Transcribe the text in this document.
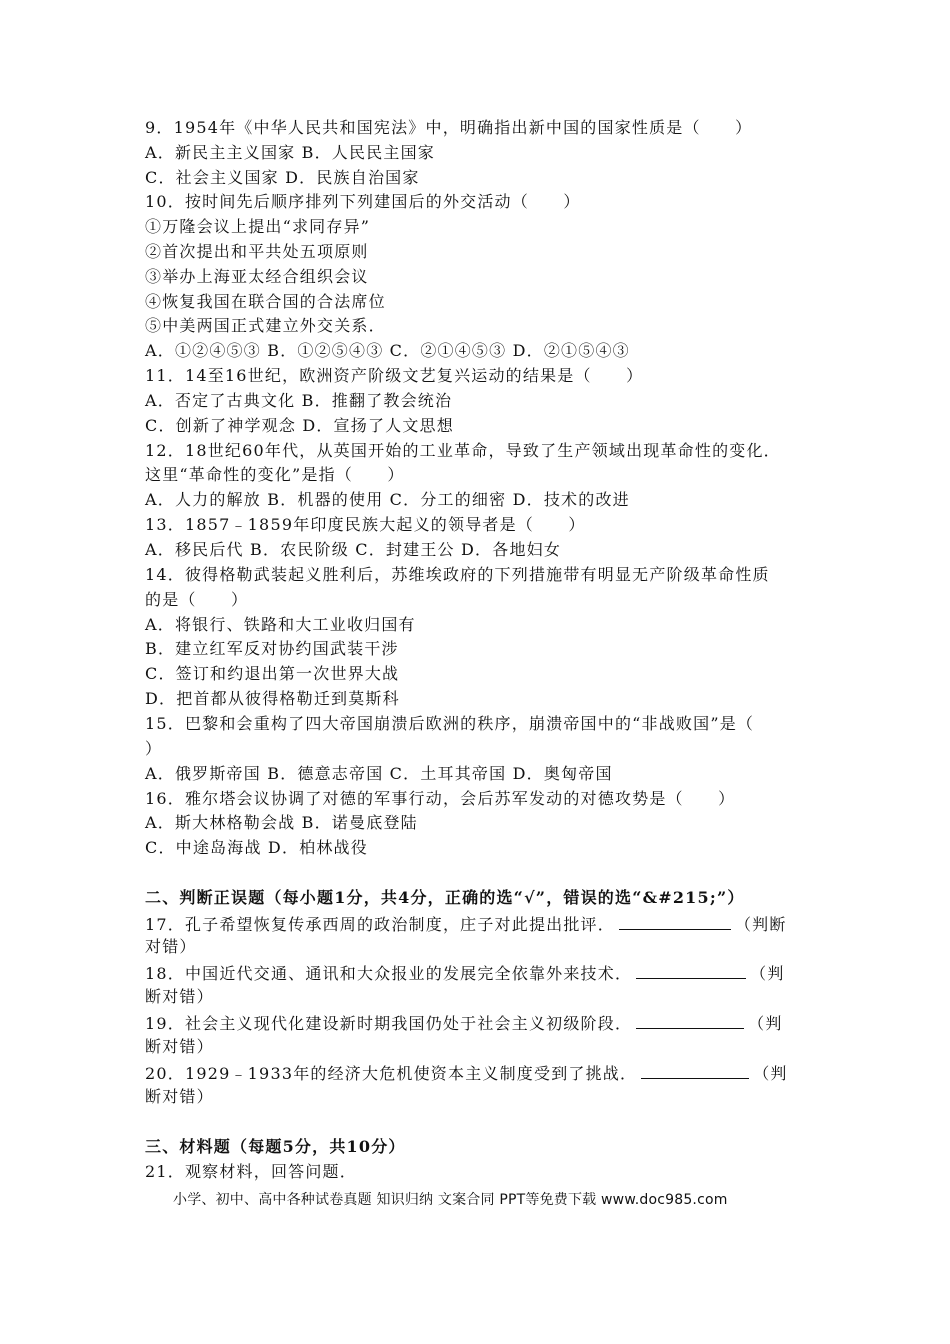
9．1954年《中华人民共和国宪法》中，明确指出新中国的国家性质是（　　）
A．新民主主义国家 B．人民民主国家
C．社会主义国家 D．民族自治国家
10．按时间先后顺序排列下列建国后的外交活动（　　）
①万隆会议上提出“求同存异”
②首次提出和平共处五项原则
③举办上海亚太经合组织会议
④恢复我国在联合国的合法席位
⑤中美两国正式建立外交关系．
A．①②④⑤③ B．①②⑤④③ C．②①④⑤③ D．②①⑤④③
11．14至16世纪，欧洲资产阶级文艺复兴运动的结果是（　　）
A．否定了古典文化 B．推翻了教会统治
C．创新了神学观念 D．宣扬了人文思想
12．18世纪60年代，从英国开始的工业革命，导致了生产领域出现革命性的变化．
这里“革命性的变化”是指（　　）
A．人力的解放 B．机器的使用 C．分工的细密 D．技术的改进
13．1857﹣1859年印度民族大起义的领导者是（　　）
A．移民后代 B．农民阶级 C．封建王公 D．各地妇女
14．彼得格勒武装起义胜利后，苏维埃政府的下列措施带有明显无产阶级革命性质
的是（　　）
A．将银行、铁路和大工业收归国有
B．建立红军反对协约国武装干涉
C．签订和约退出第一次世界大战
D．把首都从彼得格勒迁到莫斯科
15．巴黎和会重构了四大帝国崩溃后欧洲的秩序，崩溃帝国中的“非战败国”是（
）
A．俄罗斯帝国 B．德意志帝国 C．土耳其帝国 D．奥匈帝国
16．雅尔塔会议协调了对德的军事行动，会后苏军发动的对德攻势是（　　）
A．斯大林格勒会战 B．诺曼底登陆
C．中途岛海战 D．柏林战役
二、判断正误题（每小题1分，共4分，正确的选“√”，错误的选“&#215;”）
17．孔子希望恢复传承西周的政治制度，庄子对此提出批评．	（判断
对错）
18．中国近代交通、通讯和大众报业的发展完全依靠外来技术．	（判
断对错）
19．社会主义现代化建设新时期我国仍处于社会主义初级阶段．	（判
断对错）
20．1929﹣1933年的经济大危机使资本主义制度受到了挑战．	（判
断对错）
三、材料题（每题5分，共10分）
21．观察材料，回答问题．
小学、初中、高中各种试卷真题 知识归纳 文案合同 PPT等免费下载 www.doc985.com
